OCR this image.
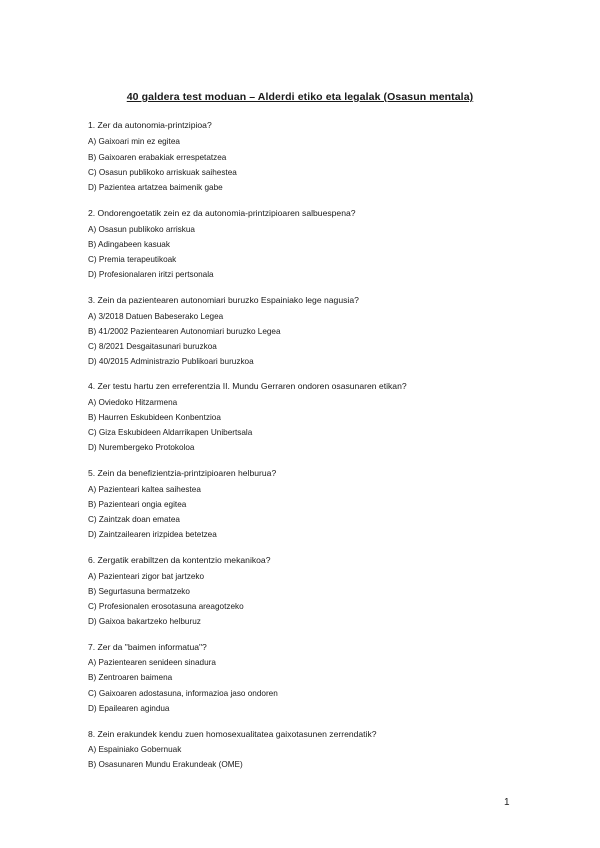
40 galdera test moduan – Alderdi etiko eta legalak (Osasun mentala)
1. Zer da autonomia-printzipioa?
A) Gaixoari min ez egitea
B) Gaixoaren erabakiak errespetatzea
C) Osasun publikoko arriskuak saihestea
D) Pazientea artatzea baimenik gabe
2. Ondorengoetatik zein ez da autonomia-printzipioaren salbuespena?
A) Osasun publikoko arriskua
B) Adingabeen kasuak
C) Premia terapeutikoak
D) Profesionalaren iritzi pertsonala
3. Zein da pazientearen autonomiari buruzko Espainiako lege nagusia?
A) 3/2018 Datuen Babeserako Legea
B) 41/2002 Pazientearen Autonomiari buruzko Legea
C) 8/2021 Desgaitasunari buruzkoa
D) 40/2015 Administrazio Publikoari buruzkoa
4. Zer testu hartu zen erreferentzia II. Mundu Gerraren ondoren osasunaren etikan?
A) Oviedoko Hitzarmena
B) Haurren Eskubideen Konbentzioa
C) Giza Eskubideen Aldarrikapen Unibertsala
D) Nurembergeko Protokoloa
5. Zein da benefizientzia-printzipioaren helburua?
A) Pazienteari kaltea saihestea
B) Pazienteari ongia egitea
C) Zaintzak doan ematea
D) Zaintzailearen irizpidea betetzea
6. Zergatik erabiltzen da kontentzio mekanikoa?
A) Pazienteari zigor bat jartzeko
B) Segurtasuna bermatzeko
C) Profesionalen erosotasuna areagotzeko
D) Gaixoa bakartzeko helburuz
7. Zer da "baimen informatua"?
A) Pazientearen senideen sinadura
B) Zentroaren baimena
C) Gaixoaren adostasuna, informazioa jaso ondoren
D) Epailearen agindua
8. Zein erakundek kendu zuen homosexualitatea gaixotasunen zerrendatik?
A) Espainiako Gobernuak
B) Osasunaren Mundu Erakundeak (OME)
1
